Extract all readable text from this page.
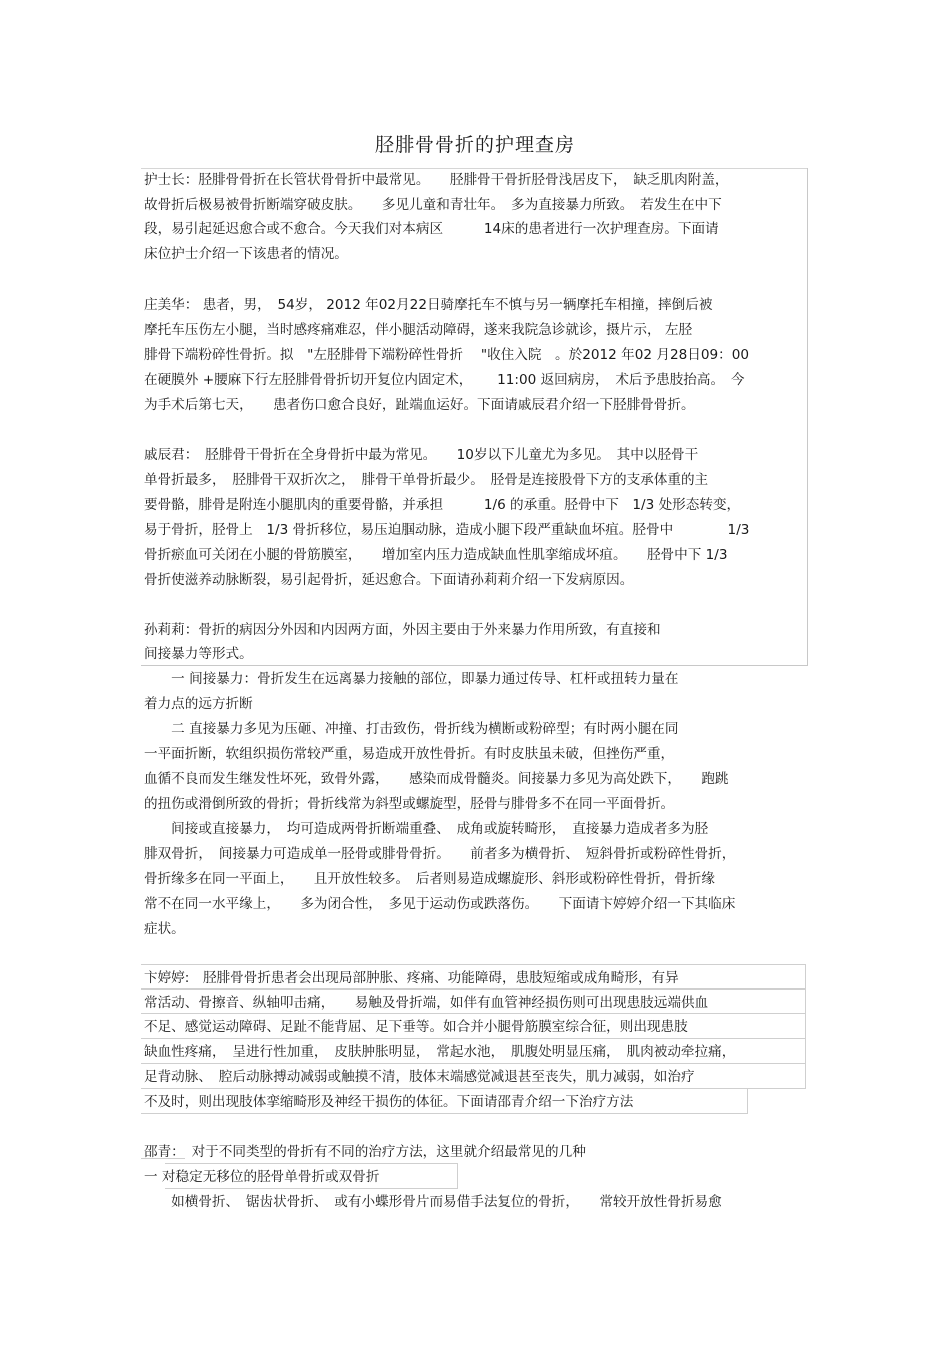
胫腓骨骨折的护理查房
护士长：胫腓骨骨折在长管状骨骨折中最常见。　　胫腓骨干骨折胫骨浅居皮下，　缺乏肌肉附盖，
故骨折后极易被骨折断端穿破皮肤。　　多见儿童和青壮年。　多为直接暴力所致。　若发生在中下
段，易引起延迟愈合或不愈合。今天我们对本病区　　　14床的患者进行一次护理查房。下面请
床位护士介绍一下该患者的情况。
庄美华： 患者，男，　54岁， 2012 年02月22日骑摩托车不慎与另一辆摩托车相撞，摔倒后被
摩托车压伤左小腿，当时感疼痛难忍，伴小腿活动障碍，遂来我院急诊就诊，摄片示， 左胫
腓骨下端粉碎性骨折。拟　"左胫腓骨下端粉碎性骨折　 "收住入院　。於2012 年02 月28日09：00
在硬膜外 +腰麻下行左胫腓骨骨折切开复位内固定术，　　 11:00 返回病房，　术后予患肢抬高。　今
为手术后第七天，　　患者伤口愈合良好，趾端血运好。下面请戚辰君介绍一下胫腓骨骨折。
戚辰君：　胫腓骨干骨折在全身骨折中最为常见。　　10岁以下儿童尤为多见。　其中以胫骨干
单骨折最多，　胫腓骨干双折次之，　腓骨干单骨折最少。　胫骨是连接股骨下方的支承体重的主
要骨骼，腓骨是附连小腿肌肉的重要骨骼，并承担　　　1/6 的承重。胫骨中下　1/3 处形态转变，
易于骨折，胫骨上　1/3 骨折移位，易压迫腘动脉，造成小腿下段严重缺血坏疽。胫骨中　　　　1/3
骨折瘀血可关闭在小腿的骨筋膜室，　　增加室内压力造成缺血性肌挛缩成坏疽。　　胫骨中下 1/3
骨折使滋养动脉断裂，易引起骨折，延迟愈合。下面请孙莉莉介绍一下发病原因。
孙莉莉：骨折的病因分外因和内因两方面，外因主要由于外来暴力作用所致，有直接和
间接暴力等形式。
　　一 间接暴力：骨折发生在远离暴力接触的部位，即暴力通过传导、杠杆或扭转力量在
着力点的远方折断
　　二 直接暴力多见为压砸、冲撞、打击致伤，骨折线为横断或粉碎型；有时两小腿在同
一平面折断，软组织损伤常较严重，易造成开放性骨折。有时皮肤虽未破，但挫伤严重，
血循不良而发生继发性坏死，致骨外露，　　感染而成骨髓炎。间接暴力多见为高处跌下，　　跑跳
的扭伤或滑倒所致的骨折；骨折线常为斜型或螺旋型，胫骨与腓骨多不在同一平面骨折。
　　间接或直接暴力，　均可造成两骨折断端重叠、　成角或旋转畸形，　直接暴力造成者多为胫
腓双骨折，　间接暴力可造成单一胫骨或腓骨骨折。　　前者多为横骨折、　短斜骨折或粉碎性骨折，
骨折缘多在同一平面上，　　且开放性较多。　后者则易造成螺旋形、斜形或粉碎性骨折，骨折缘
常不在同一水平缘上，　　多为闭合性，　多见于运动伤或跌落伤。　　下面请卞婷婷介绍一下其临床
症状。
卞婷婷:　胫腓骨骨折患者会出现局部肿胀、疼痛、功能障碍，患肢短缩或成角畸形，有异
常活动、骨擦音、纵轴叩击痛，　　易触及骨折端，如伴有血管神经损伤则可出现患肢远端供血
不足、感觉运动障碍、足趾不能背屈、足下垂等。如合并小腿骨筋膜室综合征，则出现患肢
缺血性疼痛，　呈进行性加重，　皮肤肿胀明显，　常起水池，　肌腹处明显压痛，　肌肉被动牵拉痛，
足背动脉、　腔后动脉搏动减弱或触摸不清，肢体末端感觉减退甚至丧失，肌力减弱，如治疗
不及时，则出现肢体挛缩畸形及神经干损伤的体征。下面请邵青介绍一下治疗方法
邵青：　对于不同类型的骨折有不同的治疗方法，这里就介绍最常见的几种
一 对稳定无移位的胫骨单骨折或双骨折
　　如横骨折、　锯齿状骨折、　或有小蝶形骨片而易借手法复位的骨折，　　常较开放性骨折易愈
